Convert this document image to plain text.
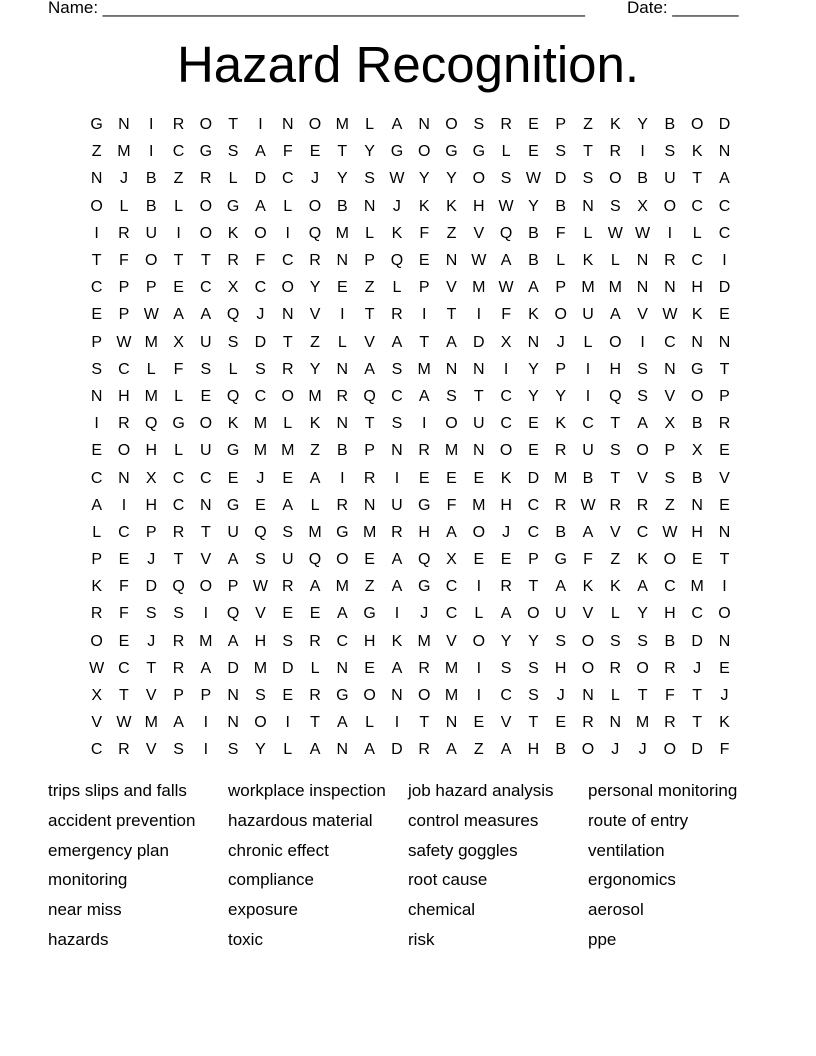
Name: ___________________________________________________ Date: _______
Hazard Recognition.
G N	I	R O	T	I	N O M	L	A	N O S	R	E	P	Z	K	Y	B O D
Z M	I	C G S	A	F	E	T	Y G O G G	L	E	S	T	R	I	S	K	N
N	J	B	Z	R	L	D C	J	Y	S W Y	Y O S W D	S O B	U	T	A
O	L	B	L	O G A	L	O B	N	J	K	K	H W Y	B	N	S	X O C C
I	R U	I	O K O	I	Q M	L	K	F	Z	V Q B	F	L W W	I	L	C
T	F	O	T	T	R	F	C R N	P Q E	N W A	B	L	K	L	N R C	I
C	P	P	E	C	X	C O Y	E	Z	L	P	V M W A	P M M N N H D
E	P W A	A Q	J	N	V	I	T	R	I	T	I	F	K O U	A	V W K	E
P W M X	U	S	D	T	Z	L	V	A	T	A	D	X	N	J	L	O	I	C N N
S	C	L	F	S	L	S	R	Y	N	A	S M N N	I	Y	P	I	H	S	N G	T
N H M	L	E Q C O M R Q C	A	S	T	C	Y	Y	I	Q S	V O P
I	R Q G O K M	L	K	N	T	S	I	O U C	E	K	C	T	A	X	B	R
E O H	L	U G M M Z	B	P	N R M N O E	R U	S O P	X	E
C N	X	C C	E	J	E	A	I	R	I	E	E	E	K	D M B	T	V	S	B	V
A	I	H C N G E	A	L	R N U G	F M H C R W R R	Z	N	E
L	C	P	R	T	U Q S M G M R H	A O	J	C	B	A	V	C W H N
P	E	J	T	V	A	S	U Q O E	A Q X	E	E	P G	F	Z	K O E	T
K	F	D Q O P W R	A M Z	A G C	I	R	T	A	K	K	A	C M	I
R	F	S	S	I	Q V	E	E	A G	I	J	C	L	A O U	V	L	Y	H C O
O E	J	R M A	H	S	R C H	K M V O Y	Y	S O S	S	B	D N
W C	T	R	A	D M D	L	N	E	A	R M	I	S	S	H O R O R	J	E
X	T	V	P	P	N	S	E	R G O N O M	I	C	S	J	N	L	T	F	T	J
V W M A	I	N O	I	T	A	L	I	T	N	E	V	T	E	R N M R	T	K
C R	V	S	I	S	Y	L	A	N	A	D R	A	Z	A	H	B O	J	J	O D	F
trips slips and falls	workplace inspection	job hazard analysis	personal monitoring
accident prevention	hazardous material	control measures	route of entry
emergency plan	chronic effect	safety goggles	ventilation
monitoring	compliance	root cause	ergonomics
near miss	exposure	chemical	aerosol
hazards	toxic	risk	ppe
